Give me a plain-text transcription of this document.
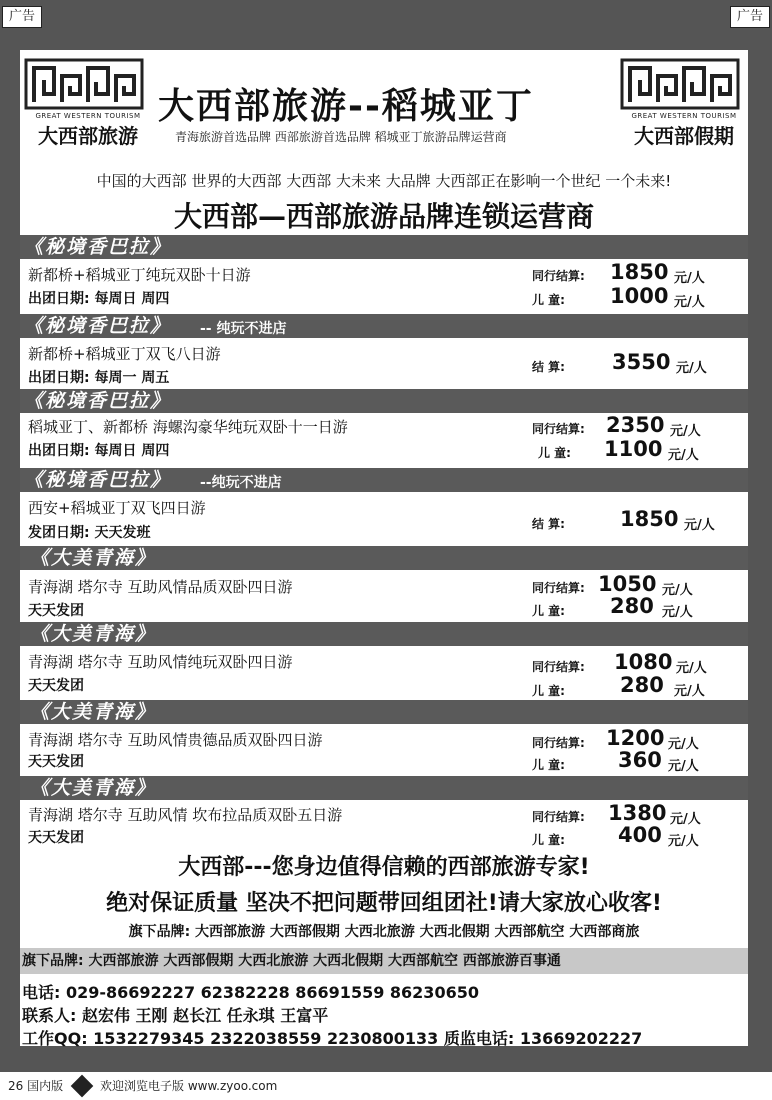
广告	广告
GREAT WESTERN TOURISM
大西部旅游
大西部旅游--稻城亚丁
青海旅游首选品牌 西部旅游首选品牌 稻城亚丁旅游品牌运营商
GREAT WESTERN TOURISM
大西部假期
中国的大西部 世界的大西部 大西部 大未来 大品牌 大西部正在影响一个世纪 一个未来!
大西部—西部旅游品牌连锁运营商
《秘境香巴拉》
新都桥+稻城亚丁纯玩双卧十日游
出团日期: 每周日 周四
同行结算: 1850 元/人
儿 童: 1000 元/人
《秘境香巴拉》 -- 纯玩不进店
新都桥+稻城亚丁双飞八日游
出团日期: 每周一 周五
结 算: 3550 元/人
《秘境香巴拉》
稻城亚丁、新都桥 海螺沟豪华纯玩双卧十一日游
出团日期: 每周日 周四
同行结算: 2350 元/人
儿 童: 1100 元/人
《秘境香巴拉》 --纯玩不进店
西安+稻城亚丁双飞四日游
发团日期: 天天发班
结 算:	1850 元/人
《大美青海》
青海湖 塔尔寺 互助风情品质双卧四日游
天天发团
同行结算: 1050 元/人
儿 童: 280 元/人
《大美青海》
青海湖 塔尔寺 互助风情纯玩双卧四日游
天天发团
同行结算: 1080 元/人
儿 童:	280 元/人
《大美青海》
青海湖 塔尔寺 互助风情贵德品质双卧四日游
天天发团
同行结算: 1200 元/人
儿 童:	360 元/人
《大美青海》
青海湖 塔尔寺 互助风情 坎布拉品质双卧五日游
天天发团
同行结算: 1380 元/人
儿 童:	400 元/人
大西部---您身边值得信赖的西部旅游专家!
绝对保证质量 坚决不把问题带回组团社!请大家放心收客!
旗下品牌: 大西部旅游 大西部假期 大西北旅游 大西北假期 大西部航空 大西部商旅
旗下品牌: 大西部旅游 大西部假期 大西北旅游 大西北假期 大西部航空 西部旅游百事通
电话: 029-86692227 62382228 86691559 86230650
联系人: 赵宏伟 王刚 赵长江 任永琪 王富平
工作QQ: 1532279345 2322038559 2230800133 质监电话: 13669202227
26 国内版	欢迎浏览电子版 www.zyoo.com
